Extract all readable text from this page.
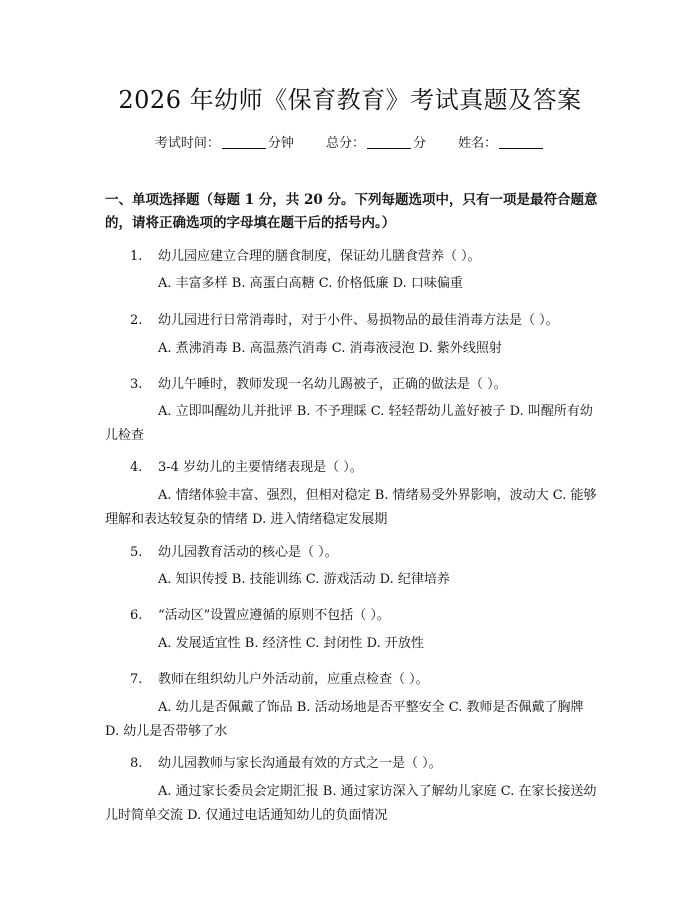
2026 年幼师《保育教育》考试真题及答案
考试时间：	分钟 总分：	分 姓名：
一、单项选择题（每题 1 分，共 20 分。下列每题选项中，只有一项是最符合题意的，请将正确选项的字母填在题干后的括号内。）
1. 幼儿园应建立合理的膳食制度，保证幼儿膳食营养（ ）。
A. 丰富多样 B. 高蛋白高糖 C. 价格低廉 D. 口味偏重
2. 幼儿园进行日常消毒时，对于小件、易损物品的最佳消毒方法是（ ）。
A. 煮沸消毒 B. 高温蒸汽消毒 C. 消毒液浸泡 D. 紫外线照射
3. 幼儿午睡时，教师发现一名幼儿踢被子，正确的做法是（ ）。
A. 立即叫醒幼儿并批评 B. 不予理睬 C. 轻轻帮幼儿盖好被子 D. 叫醒所有幼儿检查
4. 3-4 岁幼儿的主要情绪表现是（ ）。
A. 情绪体验丰富、强烈，但相对稳定 B. 情绪易受外界影响，波动大 C. 能够理解和表达较复杂的情绪 D. 进入情绪稳定发展期
5. 幼儿园教育活动的核心是（ ）。
A. 知识传授 B. 技能训练 C. 游戏活动 D. 纪律培养
6. “活动区”设置应遵循的原则不包括（ ）。
A. 发展适宜性 B. 经济性 C. 封闭性 D. 开放性
7. 教师在组织幼儿户外活动前，应重点检查（ ）。
A. 幼儿是否佩戴了饰品 B. 活动场地是否平整安全 C. 教师是否佩戴了胸牌 D. 幼儿是否带够了水
8. 幼儿园教师与家长沟通最有效的方式之一是（ ）。
A. 通过家长委员会定期汇报 B. 通过家访深入了解幼儿家庭 C. 在家长接送幼儿时简单交流 D. 仅通过电话通知幼儿的负面情况
